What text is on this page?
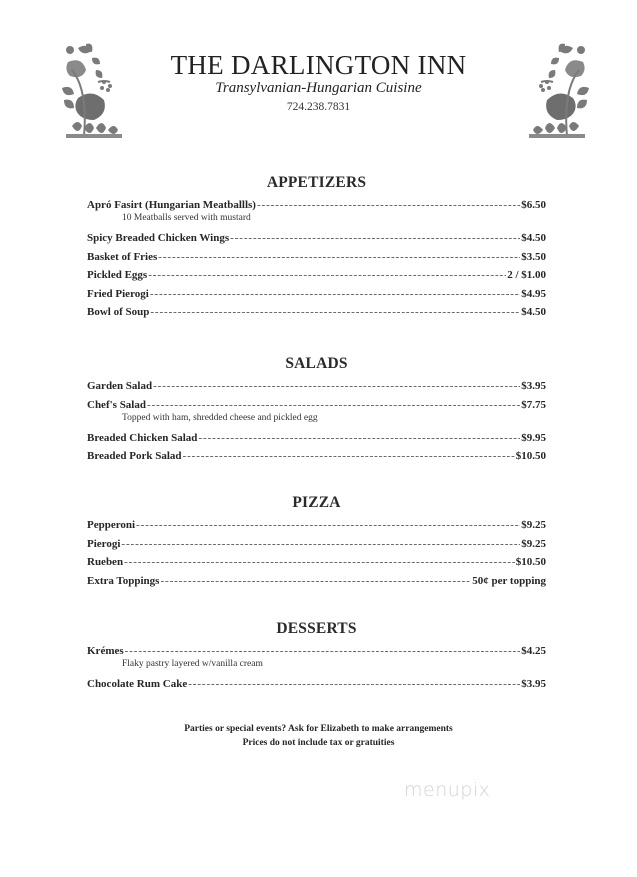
THE DARLINGTON INN
Transylvanian-Hungarian Cuisine
724.238.7831
APPETIZERS
Apró Fasirt (Hungarian Meatballls) -----	$6.50
10 Meatballs served with mustard
Spicy Breaded Chicken Wings -----	$4.50
Basket of Fries -----	$3.50
Pickled Eggs -----	2 / $1.00
Fried Pierogi -----	$4.95
Bowl of Soup -----	$4.50
SALADS
Garden Salad -----	$3.95
Chef's Salad -----	$7.75
Topped with ham, shredded cheese and pickled egg
Breaded Chicken Salad -----	$9.95
Breaded Pork Salad -----	$10.50
PIZZA
Pepperoni -----	$9.25
Pierogi -----	$9.25
Rueben -----	$10.50
Extra Toppings -----	50¢ per topping
DESSERTS
Krémes -----	$4.25
Flaky pastry layered w/vanilla cream
Chocolate Rum Cake -----	$3.95
Parties or special events? Ask for Elizabeth to make arrangements
Prices do not include tax or gratuities
menupix
